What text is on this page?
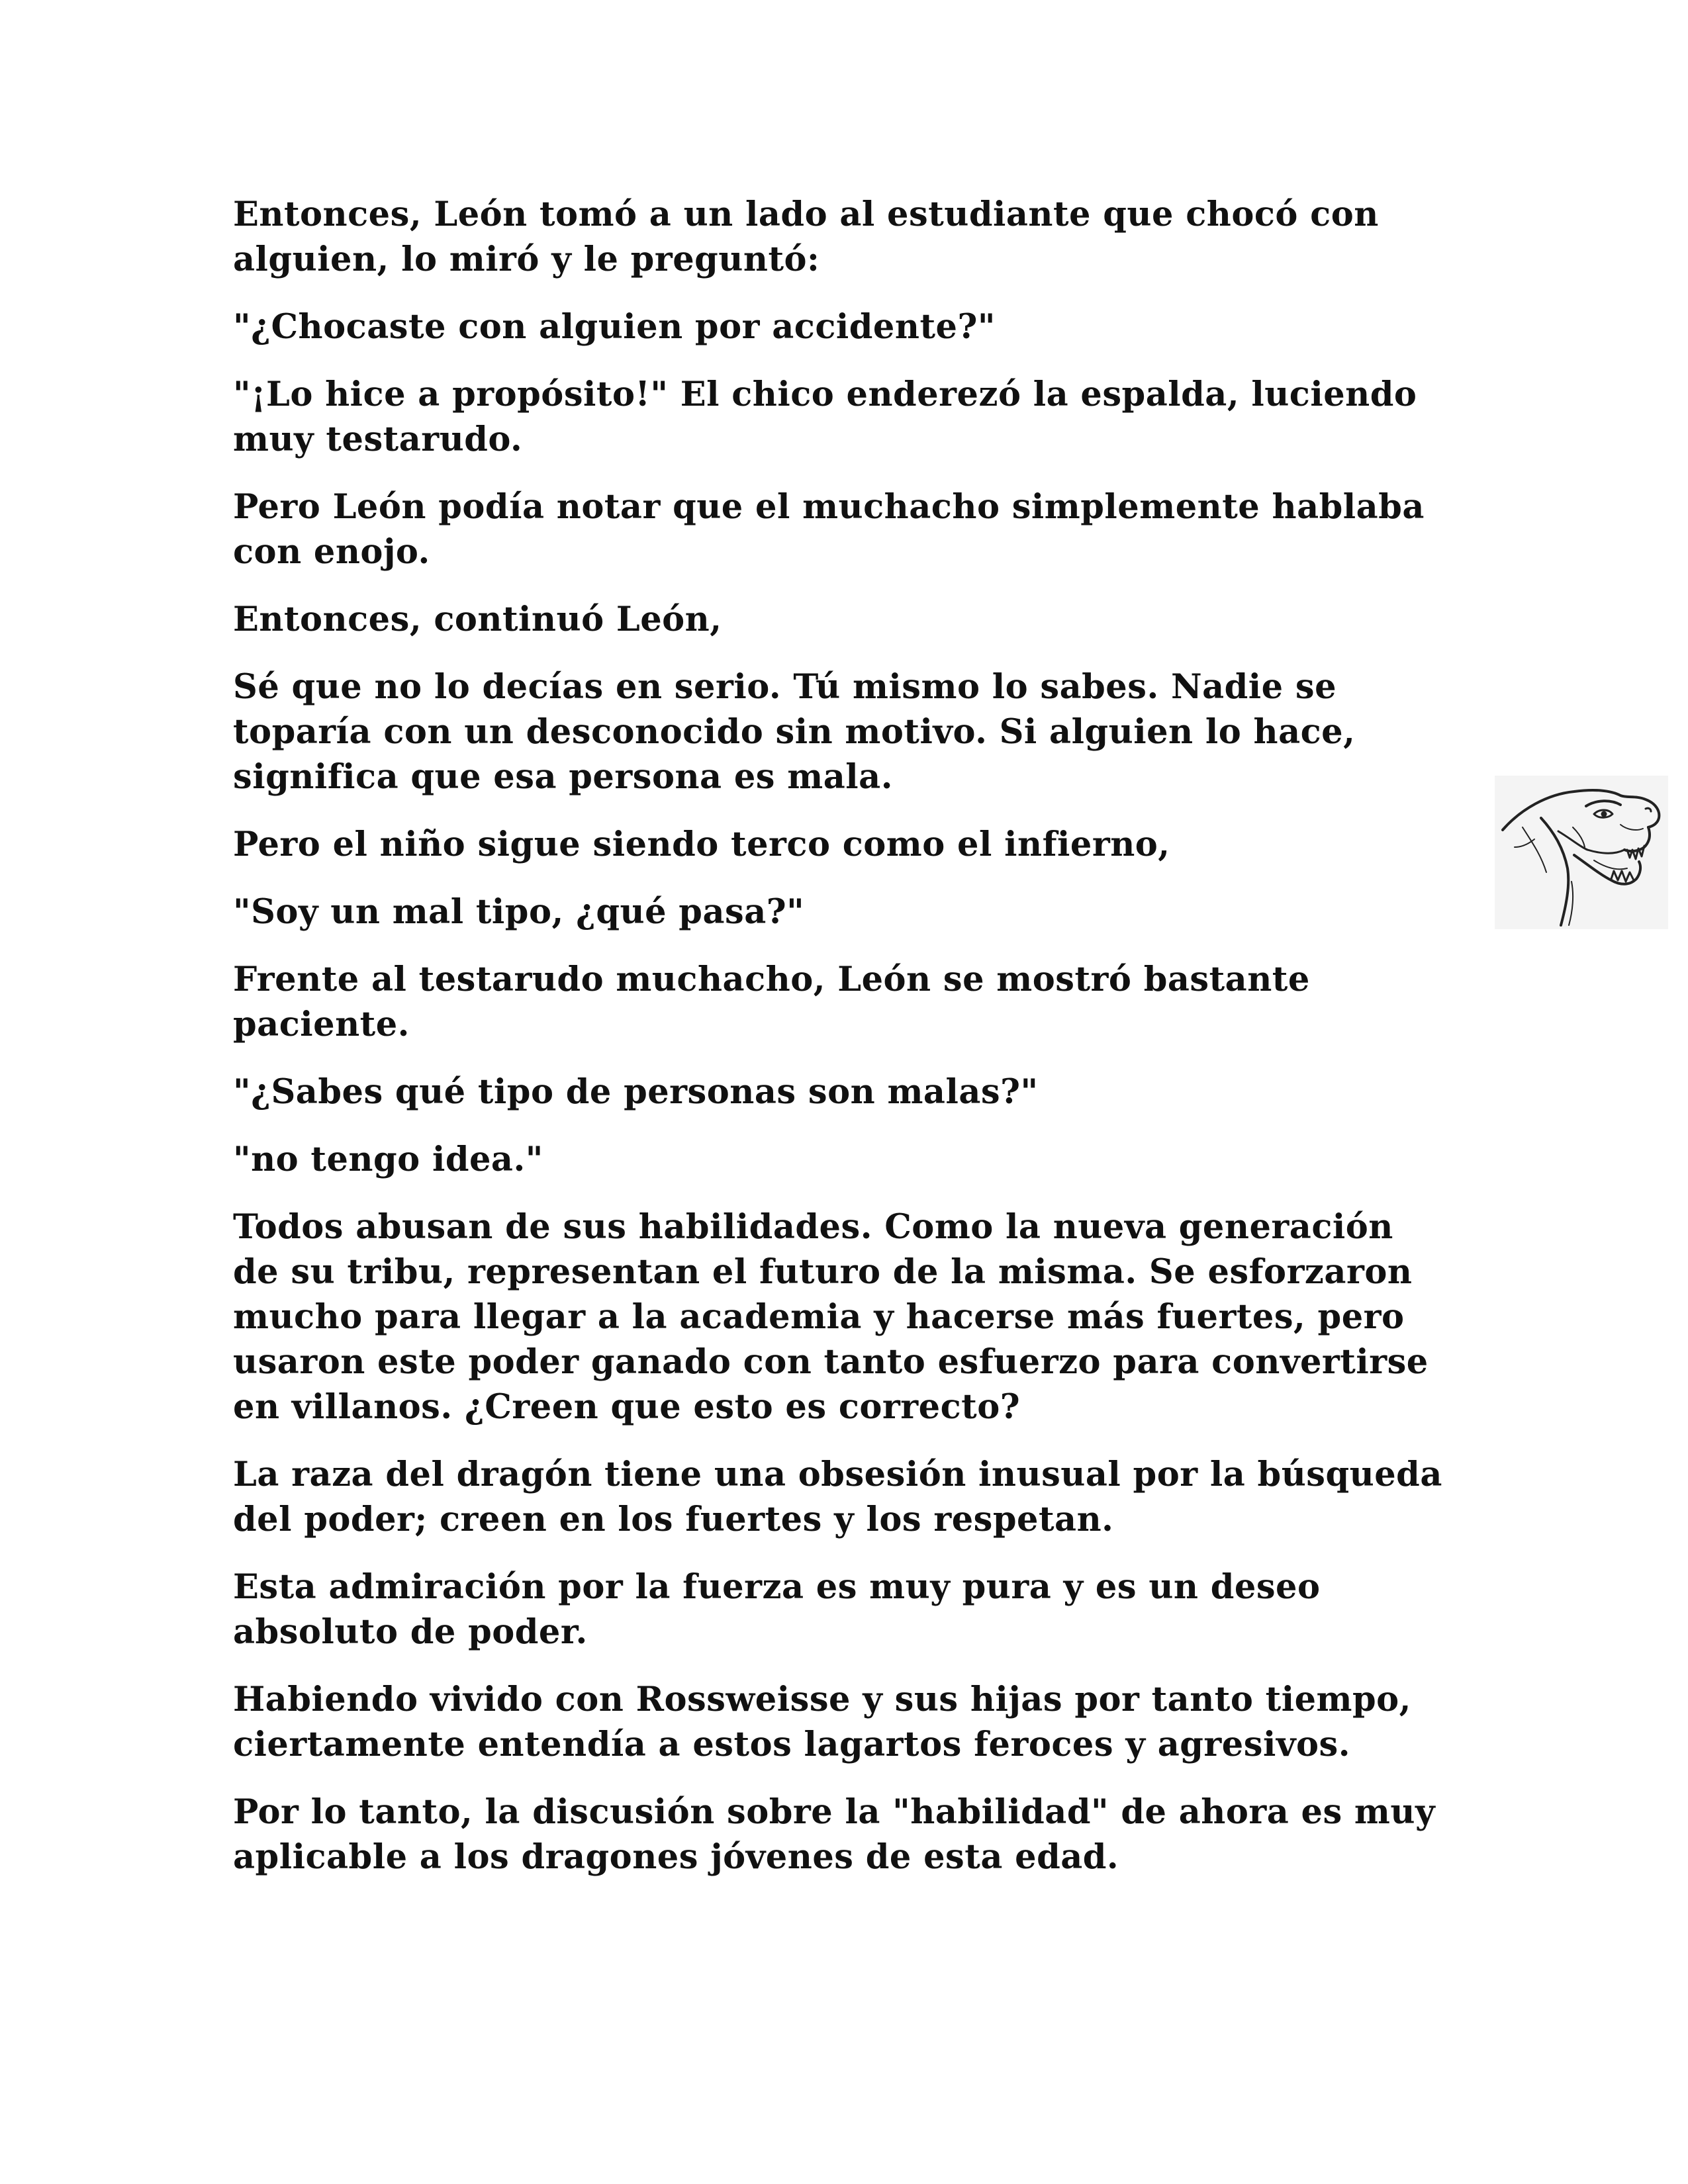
Entonces, León tomó a un lado al estudiante que chocó con alguien, lo miró y le preguntó:

"¿Chocaste con alguien por accidente?"

"¡Lo hice a propósito!" El chico enderezó la espalda, luciendo muy testarudo.

Pero León podía notar que el muchacho simplemente hablaba con enojo.

Entonces, continuó León,

Sé que no lo decías en serio. Tú mismo lo sabes. Nadie se toparía con un desconocido sin motivo. Si alguien lo hace, significa que esa persona es mala.

Pero el niño sigue siendo terco como el infierno,

"Soy un mal tipo, ¿qué pasa?"

Frente al testarudo muchacho, León se mostró bastante paciente.

"¿Sabes qué tipo de personas son malas?"

"no tengo idea."

Todos abusan de sus habilidades. Como la nueva generación de su tribu, representan el futuro de la misma. Se esforzaron mucho para llegar a la academia y hacerse más fuertes, pero usaron este poder ganado con tanto esfuerzo para convertirse en villanos. ¿Creen que esto es correcto?

La raza del dragón tiene una obsesión inusual por la búsqueda del poder; creen en los fuertes y los respetan.

Esta admiración por la fuerza es muy pura y es un deseo absoluto de poder.

Habiendo vivido con Rossweisse y sus hijas por tanto tiempo, ciertamente entendía a estos lagartos feroces y agresivos.

Por lo tanto, la discusión sobre la "habilidad" de ahora es muy aplicable a los dragones jóvenes de esta edad.
